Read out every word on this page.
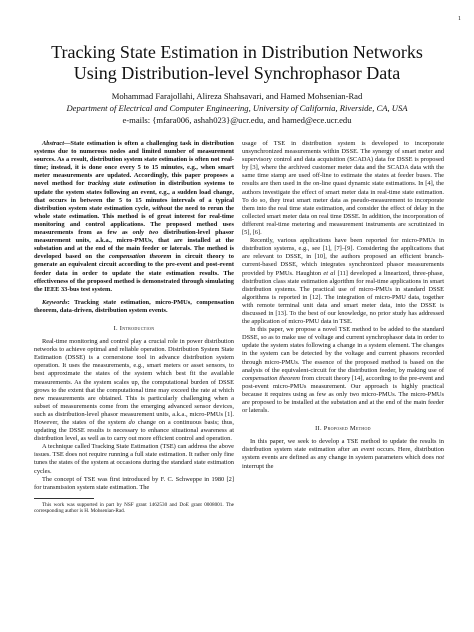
1
Tracking State Estimation in Distribution Networks
Using Distribution-level Synchrophasor Data
Mohammad Farajollahi, Alireza Shahsavari, and Hamed Mohsenian-Rad
Department of Electrical and Computer Engineering, University of California, Riverside, CA, USA
e-mails: {mfara006, ashah023}@ucr.edu, and hamed@ece.ucr.edu

Abstract—State estimation is often a challenging task in distribution systems due to numerous nodes and limited number of measurement sources. As a result, distribution system state estimation is often not real-time; instead, it is done once every 5 to 15 minutes, e.g., when smart meter measurements are updated. Accordingly, this paper proposes a novel method for tracking state estimation in distribution systems to update the system states following an event, e.g., a sudden load change, that occurs in between the 5 to 15 minutes intervals of a typical distribution system state estimation cycle, without the need to rerun the whole state estimation. This method is of great interest for real-time monitoring and control applications. The proposed method uses measurements from as few as only two distribution-level phasor measurement units, a.k.a., micro-PMUs, that are installed at the substation and at the end of the main feeder or laterals. The method is developed based on the compensation theorem in circuit theory to generate an equivalent circuit according to the pre-event and post-event feeder data in order to update the state estimation results. The effectiveness of the proposed method is demonstrated through simulating the IEEE 33-bus test system.

Keywords: Tracking state estimation, micro-PMUs, compensation theorem, data-driven, distribution system events.

I. Introduction

Real-time monitoring and control play a crucial role in power distribution networks to achieve optimal and reliable operation. Distribution System State Estimation (DSSE) is a cornerstone tool in advance distribution system operation. It uses the measurements, e.g., smart meters or asset sensors, to best approximate the states of the system which best fit the available measurements. As the system scales up, the computational burden of DSSE grows to the extent that the computational time may exceed the rate at which new measurements are obtained. This is particularly challenging when a subset of measurements come from the emerging advanced sensor devices, such as distribution-level phasor measurement units, a.k.a., micro-PMUs [1]. However, the states of the system do change on a continuous basis; thus, updating the DSSE results is necessary to enhance situational awareness at distribution level, as well as to carry out more efficient control and operation.

A technique called Tracking State Estimation (TSE) can address the above issues. TSE does not require running a full state estimation. It rather only fine tunes the states of the system at occasions during the standard state estimation cycles.

The concept of TSE was first introduced by F. C. Schweppe in 1980 [2] for transmission system state estimation. The

This work was supported in part by NSF grant 1462530 and DoE grant 0008001. The corresponding author is H. Mohsenian-Rad.

usage of TSE in distribution system is developed to incorporate unsynchronized measurements within DSSE. The synergy of smart meter and supervisory control and data acquisition (SCADA) data for DSSE is proposed by [3], where the archived customer meter data and the SCADA data with the same time stamp are used off-line to estimate the states at feeder buses. The results are then used in the on-line quasi dynamic state estimations. In [4], the authors investigate the effect of smart meter data in real-time state estimation. To do so, they treat smart meter data as pseudo-measurement to incorporate them into the real time state estimation, and consider the effect of delay in the collected smart meter data on real time DSSE. In addition, the incorporation of different real-time metering and measurement instruments are scrutinized in [5], [6].

Recently, various applications have been reported for micro-PMUs in distribution systems, e.g., see [1], [7]–[9]. Considering the applications that are relevant to DSSE, in [10], the authors proposed an efficient branch-current-based DSSE, which integrates synchronized phasor measurements provided by PMUs. Haughton et al [11] developed a linearized, three-phase, distribution class state estimation algorithm for real-time applications in smart distribution systems. The practical use of micro-PMUs in standard DSSE algorithms is reported in [12]. The integration of micro-PMU data, together with remote terminal unit data and smart meter data, into the DSSE is discussed in [13]. To the best of our knowledge, no prior study has addressed the application of micro-PMU data in TSE.

In this paper, we propose a novel TSE method to be added to the standard DSSE, so as to make use of voltage and current synchrophasor data in order to update the system states following a change in a system element. The changes in the system can be detected by the voltage and current phasors recorded through micro-PMUs. The essence of the proposed method is based on the analysis of the equivalent-circuit for the distribution feeder, by making use of compensation theorem from circuit theory [14], according to the pre-event and post-event micro-PMUs measurement. Our approach is highly practical because it requires using as few as only two micro-PMUs. The micro-PMUs are proposed to be installed at the substation and at the end of the main feeder or laterals.

II. Proposed Method

In this paper, we seek to develop a TSE method to update the results in distribution system state estimation after an event occurs. Here, distribution system events are defined as any change in system parameters which does not interrupt the
